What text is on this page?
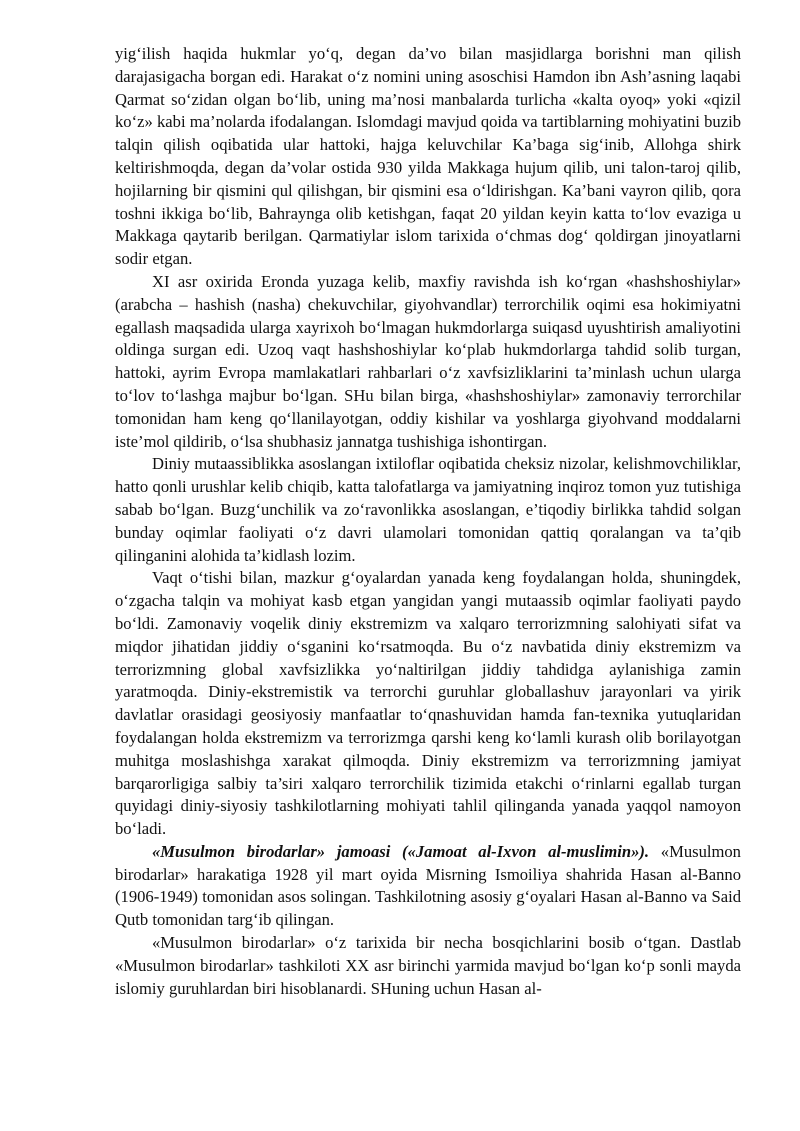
yig‘ilish haqida hukmlar yo‘q, degan da’vo bilan masjidlarga borishni man qilish darajasigacha borgan edi. Harakat o‘z nomini uning asoschisi Hamdon ibn Ash’asning laqabi Qarmat so‘zidan olgan bo‘lib, uning ma’nosi manbalarda turlicha «kalta oyoq» yoki «qizil ko‘z» kabi ma’nolarda ifodalangan. Islomdagi mavjud qoida va tartiblarning mohiyatini buzib talqin qilish oqibatida ular hattoki, hajga keluvchilar Ka’baga sig‘inib, Allohga shirk keltirishmoqda, degan da’volar ostida 930 yilda Makkaga hujum qilib, uni talon-taroj qilib, hojilarning bir qismini qul qilishgan, bir qismini esa o‘ldirishgan. Ka’bani vayron qilib, qora toshni ikkiga bo‘lib, Bahraynga olib ketishgan, faqat 20 yildan keyin katta to‘lov evaziga u Makkaga qaytarib berilgan. Qarmatiylar islom tarixida o‘chmas dog‘ qoldirgan jinoyatlarni sodir etgan.

XI asr oxirida Eronda yuzaga kelib, maxfiy ravishda ish ko‘rgan «hashshoshiylar» (arabcha – hashish (nasha) chekuvchilar, giyohvandlar) terrorchilik oqimi esa hokimiyatni egallash maqsadida ularga xayrixoh bo‘lmagan hukmdorlarga suiqasd uyushtirish amaliyotini oldinga surgan edi. Uzoq vaqt hashshoshiylar ko‘plab hukmdorlarga tahdid solib turgan, hattoki, ayrim Evropa mamlakatlari rahbarlari o‘z xavfsizliklarini ta’minlash uchun ularga to‘lov to‘lashga majbur bo‘lgan. SHu bilan birga, «hashshoshiylar» zamonaviy terrorchilar tomonidan ham keng qo‘llanilayotgan, oddiy kishilar va yoshlarga giyohvand moddalarni iste’mol qildirib, o‘lsa shubhasiz jannatga tushishiga ishontirgan.

Diniy mutaassiblikka asoslangan ixtiloflar oqibatida cheksiz nizolar, kelishmovchiliklar, hatto qonli urushlar kelib chiqib, katta talofatlarga va jamiyatning inqiroz tomon yuz tutishiga sabab bo‘lgan. Buzg‘unchilik va zo‘ravonlikka asoslangan, e’tiqodiy birlikka tahdid solgan bunday oqimlar faoliyati o‘z davri ulamolari tomonidan qattiq qoralangan va ta’qib qilinganini alohida ta’kidlash lozim.

Vaqt o‘tishi bilan, mazkur g‘oyalardan yanada keng foydalangan holda, shuningdek, o‘zgacha talqin va mohiyat kasb etgan yangidan yangi mutaassib oqimlar faoliyati paydo bo‘ldi. Zamonaviy voqelik diniy ekstremizm va xalqaro terrorizmning salohiyati sifat va miqdor jihatidan jiddiy o‘sganini ko‘rsatmoqda. Bu o‘z navbatida diniy ekstremizm va terrorizmning global xavfsizlikka yo‘naltirilgan jiddiy tahdidga aylanishiga zamin yaratmoqda. Diniy-ekstremistik va terrorchi guruhlar globallashuv jarayonlari va yirik davlatlar orasidagi geosiyosiy manfaatlar to‘qnashuvidan hamda fan-texnika yutuqlaridan foydalangan holda ekstremizm va terrorizmga qarshi keng ko‘lamli kurash olib borilayotgan muhitga moslashishga xarakat qilmoqda. Diniy ekstremizm va terrorizmning jamiyat barqarorligiga salbiy ta’siri xalqaro terrorchilik tizimida etakchi o‘rinlarni egallab turgan quyidagi diniy-siyosiy tashkilotlarning mohiyati tahlil qilinganda yanada yaqqol namoyon bo‘ladi.

«Musulmon birodarlar» jamoasi («Jamoat al-Ixvon al-muslimin»). «Musulmon birodarlar» harakatiga 1928 yil mart oyida Misrning Ismoiliya shahrida Hasan al-Banno (1906-1949) tomonidan asos solingan. Tashkilotning asosiy g‘oyalari Hasan al-Banno va Said Qutb tomonidan targ‘ib qilingan.

«Musulmon birodarlar» o‘z tarixida bir necha bosqichlarini bosib o‘tgan. Dastlab «Musulmon birodarlar» tashkiloti XX asr birinchi yarmida mavjud bo‘lgan ko‘p sonli mayda islomiy guruhlardan biri hisoblanardi. SHuning uchun Hasan al-
